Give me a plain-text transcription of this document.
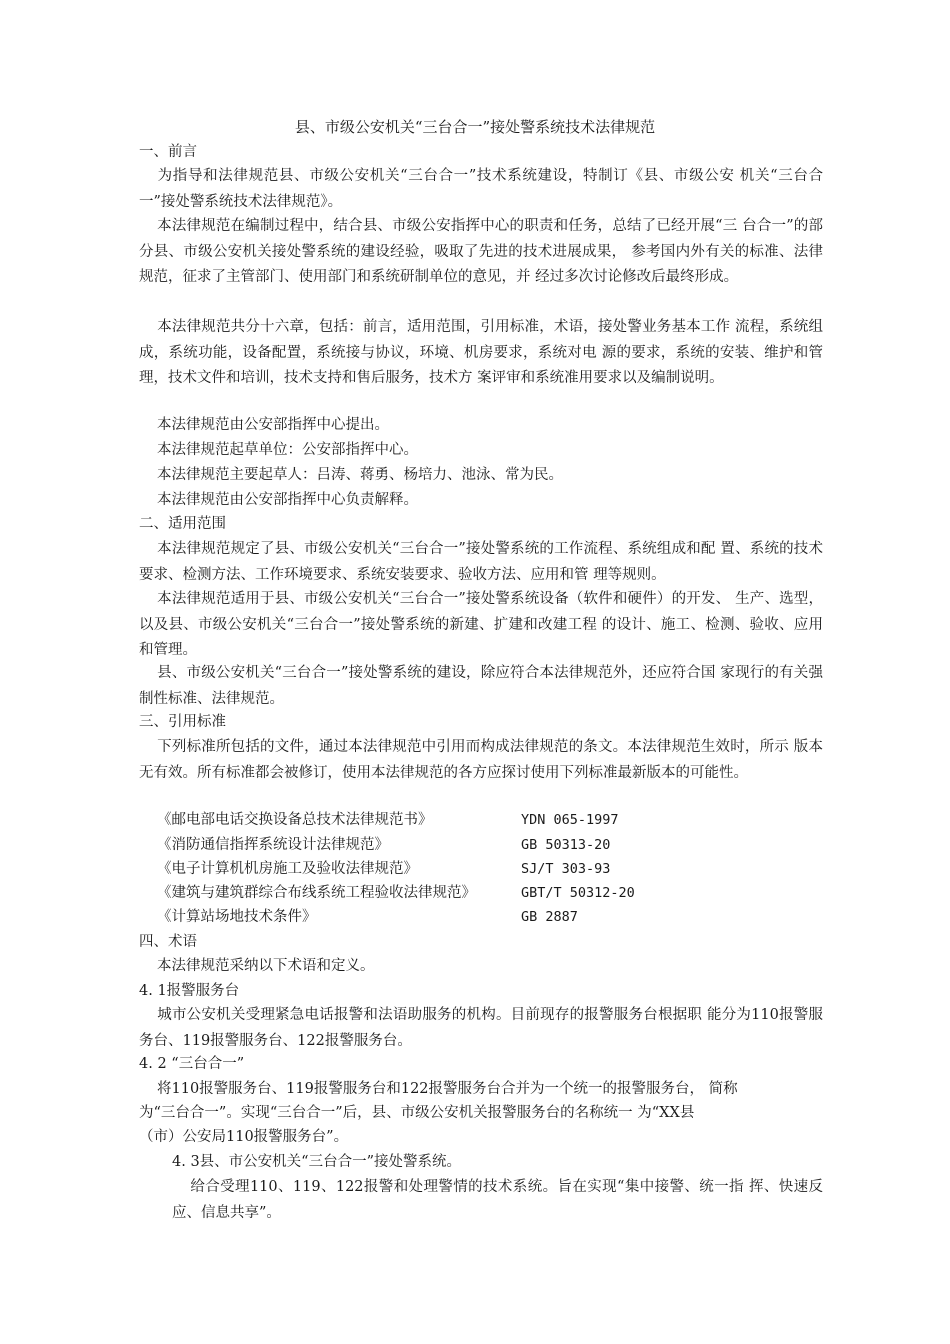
县、市级公安机关“三台合一”接处警系统技术法律规范
一、前言
为指导和法律规范县、市级公安机关“三台合一”技术系统建设，特制订《县、市级公安 机关“三台合一”接处警系统技术法律规范》。
本法律规范在编制过程中，结合县、市级公安指挥中心的职责和任务，总结了已经开展“三 台合一”的部分县、市级公安机关接处警系统的建设经验，吸取了先进的技术进展成果， 参考国内外有关的标准、法律规范，征求了主管部门、使用部门和系统研制单位的意见，并 经过多次讨论修改后最终形成。
本法律规范共分十六章，包括：前言，适用范围，引用标准，术语，接处警业务基本工作 流程，系统组成，系统功能，设备配置，系统接与协议，环境、机房要求，系统对电 源的要求，系统的安装、维护和管理，技术文件和培训，技术支持和售后服务，技术方 案评审和系统准用要求以及编制说明。
本法律规范由公安部指挥中心提出。
本法律规范起草单位：公安部指挥中心。
本法律规范主要起草人：吕涛、蒋勇、杨培力、池泳、常为民。
本法律规范由公安部指挥中心负责解释。
二、适用范围
本法律规范规定了县、市级公安机关“三台合一”接处警系统的工作流程、系统组成和配 置、系统的技术要求、检测方法、工作环境要求、系统安装要求、验收方法、应用和管 理等规则。
本法律规范适用于县、市级公安机关“三台合一”接处警系统设备（软件和硬件）的开发、 生产、选型，以及县、市级公安机关“三台合一”接处警系统的新建、扩建和改建工程 的设计、施工、检测、验收、应用和管理。
县、市级公安机关“三台合一”接处警系统的建设，除应符合本法律规范外，还应符合国 家现行的有关强制性标准、法律规范。
三、引用标准
下列标准所包括的文件，通过本法律规范中引用而构成法律规范的条文。本法律规范生效时，所示 版本无有效。所有标准都会被修订，使用本法律规范的各方应探讨使用下列标准最新版本的可能性。
《邮电部电话交换设备总技术法律规范书》	YDN 065-1997
《消防通信指挥系统设计法律规范》	GB 50313-20
《电子计算机机房施工及验收法律规范》	SJ/T 303-93
《建筑与建筑群综合布线系统工程验收法律规范》	GBT/T 50312-20
《计算站场地技术条件》	GB 2887
四、术语
本法律规范采纳以下术语和定义。
4. 1报警服务台
城市公安机关受理紧急电话报警和法语助服务的机构。目前现存的报警服务台根据职 能分为110报警服务台、119报警服务台、122报警服务台。
4. 2 “三台合一”
将110报警服务台、119报警服务台和122报警服务台合并为一个统一的报警服务台， 简称
为“三台合一”。实现“三台合一”后，县、市级公安机关报警服务台的名称统一 为“XX县
（市）公安局110报警服务台”。
4. 3县、市公安机关“三台合一”接处警系统。
给合受理110、119、122报警和处理警情的技术系统。旨在实现“集中接警、统一指 挥、快速反应、信息共享”。
